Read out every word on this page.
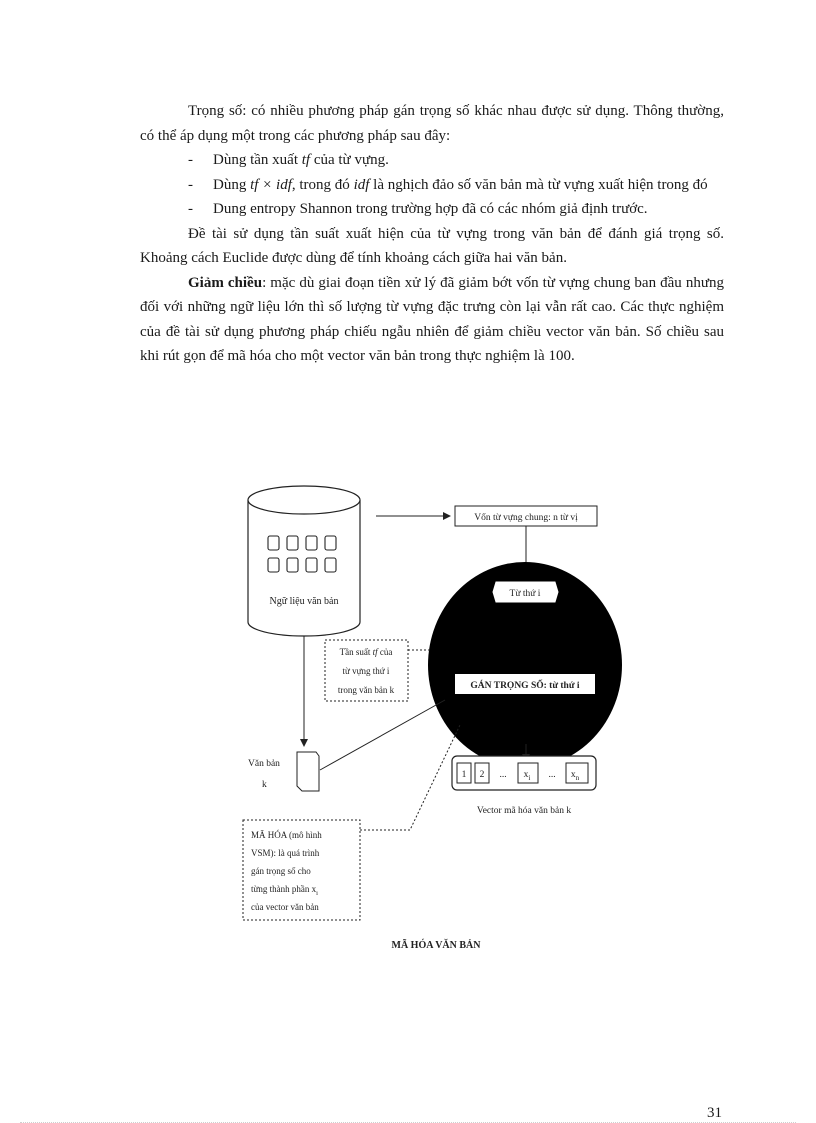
Trọng số: có nhiều phương pháp gán trọng số khác nhau được sử dụng. Thông thường, có thể áp dụng một trong các phương pháp sau đây:

- Dùng tần xuất tf của từ vựng.

- Dùng tf × idf, trong đó idf là nghịch đảo số văn bản mà từ vựng xuất hiện trong đó

- Dung entropy Shannon trong trường hợp đã có các nhóm giả định trước.

Đề tài sử dụng tần suất xuất hiện của từ vựng trong văn bản để đánh giá trọng số. Khoảng cách Euclide được dùng để tính khoảng cách giữa hai văn bản.

Giảm chiều: mặc dù giai đoạn tiền xử lý đã giảm bớt vốn từ vựng chung ban đầu nhưng đối với những ngữ liệu lớn thì số lượng từ vựng đặc trưng còn lại vẫn rất cao. Các thực nghiệm của đề tài sử dụng phương pháp chiếu ngẫu nhiên để giảm chiều vector văn bản. Số chiều sau khi rút gọn để mã hóa cho một vector văn bản trong thực nghiệm là 100.

Ngữ liệu văn bản
Vốn từ vựng chung: n từ vị
Từ thứ i
GÁN TRỌNG SỐ: từ thứ i
Tần suất tf của
từ vựng thứ i
trong văn bản k
Văn bản
k
1 2 ... $x_i$ ... $x_n$
Vector mã hóa văn bản k
MÃ HÓA (mô hình
VSM): là quá trình
gán trọng số cho
từng thành phần $x_i$
của vector văn bản
MÃ HÓA VĂN BẢN
31
